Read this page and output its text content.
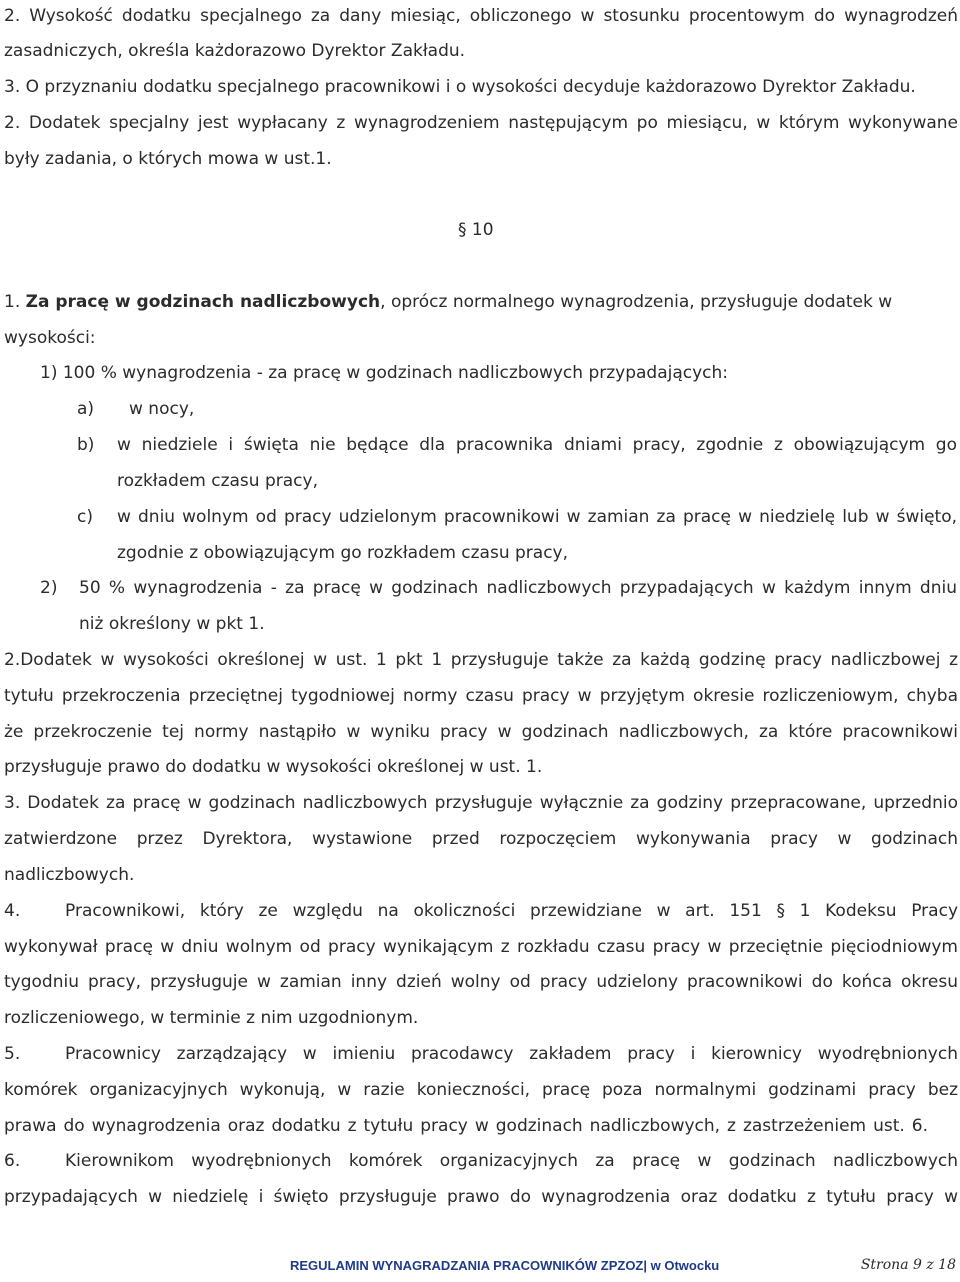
2. Wysokość dodatku specjalnego za dany miesiąc, obliczonego w stosunku procentowym do wynagrodzeń
zasadniczych, określa każdorazowo Dyrektor Zakładu.
3. O przyznaniu dodatku specjalnego pracownikowi i o wysokości decyduje każdorazowo Dyrektor Zakładu.
2. Dodatek specjalny jest wypłacany z wynagrodzeniem następującym po miesiącu, w którym wykonywane
były zadania, o których mowa w ust.1.
§ 10
1. Za pracę w godzinach nadliczbowych, oprócz normalnego wynagrodzenia, przysługuje dodatek w
wysokości:
1) 100 % wynagrodzenia - za pracę w godzinach nadliczbowych przypadających:
a) w nocy,
b) w niedziele i święta nie będące dla pracownika dniami pracy, zgodnie z obowiązującym go
rozkładem czasu pracy,
c) w dniu wolnym od pracy udzielonym pracownikowi w zamian za pracę w niedzielę lub w święto,
zgodnie z obowiązującym go rozkładem czasu pracy,
2) 50 % wynagrodzenia - za pracę w godzinach nadliczbowych przypadających w każdym innym dniu
niż określony w pkt 1.
2.Dodatek w wysokości określonej w ust. 1 pkt 1 przysługuje także za każdą godzinę pracy nadliczbowej z
tytułu przekroczenia przeciętnej tygodniowej normy czasu pracy w przyjętym okresie rozliczeniowym, chyba
że przekroczenie tej normy nastąpiło w wyniku pracy w godzinach nadliczbowych, za które pracownikowi
przysługuje prawo do dodatku w wysokości określonej w ust. 1.
3. Dodatek za pracę w godzinach nadliczbowych przysługuje wyłącznie za godziny przepracowane, uprzednio
zatwierdzone przez Dyrektora, wystawione przed rozpoczęciem wykonywania pracy w godzinach
nadliczbowych.
4.	Pracownikowi, który ze względu na okoliczności przewidziane w art. 151 § 1 Kodeksu Pracy
wykonywał pracę w dniu wolnym od pracy wynikającym z rozkładu czasu pracy w przeciętnie pięciodniowym
tygodniu pracy, przysługuje w zamian inny dzień wolny od pracy udzielony pracownikowi do końca okresu
rozliczeniowego, w terminie z nim uzgodnionym.
5.	Pracownicy zarządzający w imieniu pracodawcy zakładem pracy i kierownicy wyodrębnionych
komórek organizacyjnych wykonują, w razie konieczności, pracę poza normalnymi godzinami pracy bez
prawa do wynagrodzenia oraz dodatku z tytułu pracy w godzinach nadliczbowych, z zastrzeżeniem ust. 6.
6.	Kierownikom wyodrębnionych komórek organizacyjnych za pracę w godzinach nadliczbowych
przypadających w niedzielę i święto przysługuje prawo do wynagrodzenia oraz dodatku z tytułu pracy w
REGULAMIN WYNAGRADZANIA PRACOWNIKÓW ZPZOZ| w Otwocku	Strona 9 z 18
